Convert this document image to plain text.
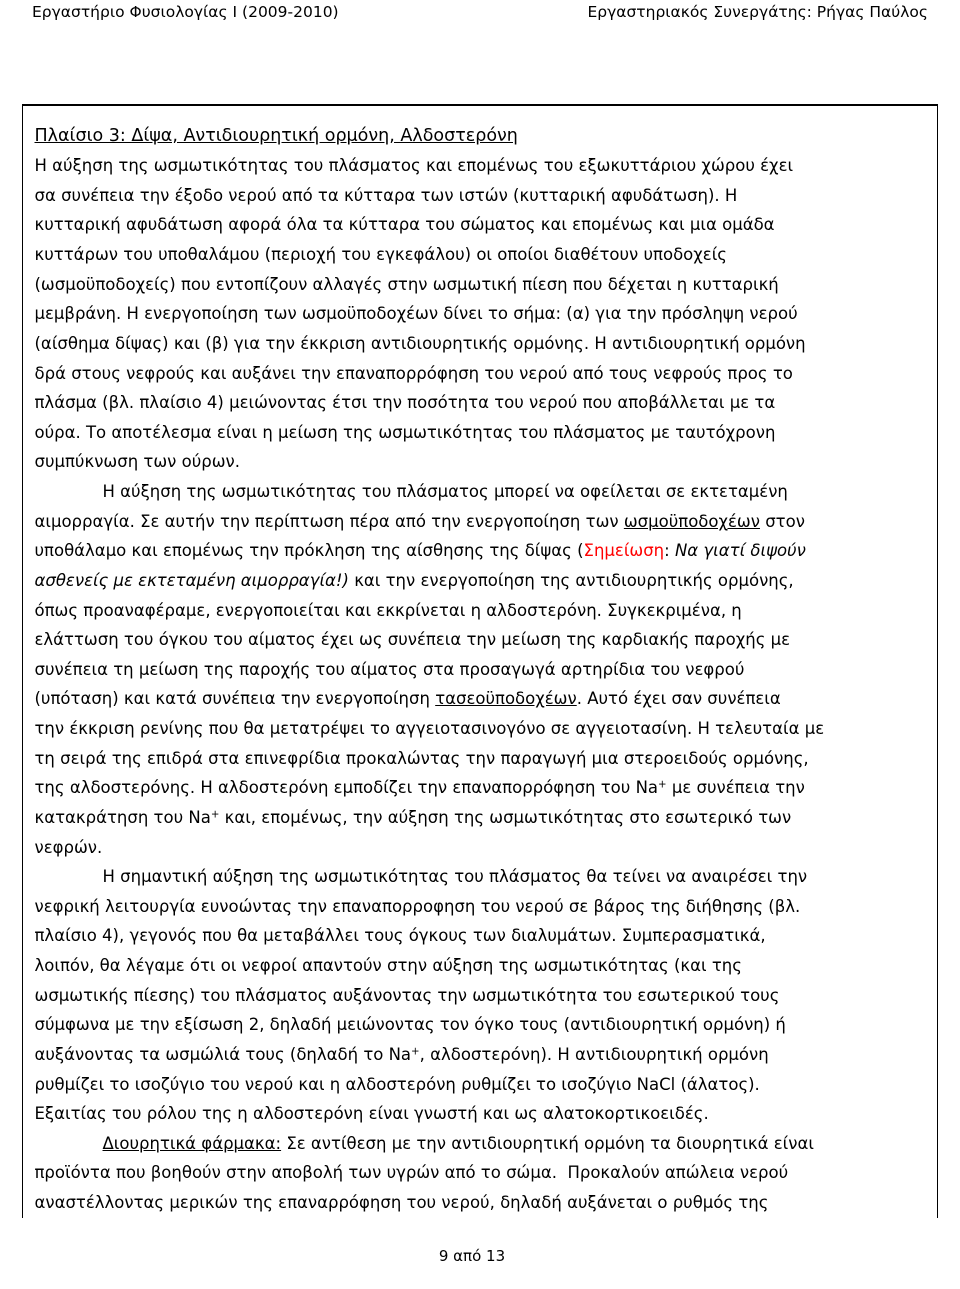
Εργαστήριο Φυσιολογίας Ι (2009-2010)	Εργαστηριακός Συνεργάτης: Ρήγας Παύλος
Πλαίσιο 3: Δίψα, Αντιδιουρητική ορμόνη, Αλδοστερόνη
Η αύξηση της ωσμωτικότητας του πλάσματος και επομένως του εξωκυττάριου χώρου έχει
σα συνέπεια την έξοδο νερού από τα κύτταρα των ιστών (κυτταρική αφυδάτωση). Η
κυτταρική αφυδάτωση αφορά όλα τα κύτταρα του σώματος και επομένως και μια ομάδα
κυττάρων του υποθαλάμου (περιοχή του εγκεφάλου) οι οποίοι διαθέτουν υποδοχείς
(ωσμοϋποδοχείς) που εντοπίζουν αλλαγές στην ωσμωτική πίεση που δέχεται η κυτταρική
μεμβράνη. Η ενεργοποίηση των ωσμοϋποδοχέων δίνει το σήμα: (α) για την πρόσληψη νερού
(αίσθημα δίψας) και (β) για την έκκριση αντιδιουρητικής ορμόνης. Η αντιδιουρητική ορμόνη
δρά στους νεφρούς και αυξάνει την επαναπορρόφηση του νερού από τους νεφρούς προς το
πλάσμα (βλ. πλαίσιο 4) μειώνοντας έτσι την ποσότητα του νερού που αποβάλλεται με τα
ούρα. Το αποτέλεσμα είναι η μείωση της ωσμωτικότητας του πλάσματος με ταυτόχρονη
συμπύκνωση των ούρων.
Η αύξηση της ωσμωτικότητας του πλάσματος μπορεί να οφείλεται σε εκτεταμένη
αιμορραγία. Σε αυτήν την περίπτωση πέρα από την ενεργοποίηση των ωσμοϋποδοχέων στον
υποθάλαμο και επομένως την πρόκληση της αίσθησης της δίψας (Σημείωση: Να γιατί διψούν
ασθενείς με εκτεταμένη αιμορραγία!) και την ενεργοποίηση της αντιδιουρητικής ορμόνης,
όπως προαναφέραμε, ενεργοποιείται και εκκρίνεται η αλδοστερόνη. Συγκεκριμένα, η
ελάττωση του όγκου του αίματος έχει ως συνέπεια την μείωση της καρδιακής παροχής με
συνέπεια τη μείωση της παροχής του αίματος στα προσαγωγά αρτηρίδια του νεφρού
(υπόταση) και κατά συνέπεια την ενεργοποίηση τασεοϋποδοχέων. Αυτό έχει σαν συνέπεια
την έκκριση ρενίνης που θα μετατρέψει το αγγειοτασινογόνο σε αγγειοτασίνη. Η τελευταία με
τη σειρά της επιδρά στα επινεφρίδια προκαλώντας την παραγωγή μια στεροειδούς ορμόνης,
της αλδοστερόνης. Η αλδοστερόνη εμποδίζει την επαναπορρόφηση του Na+ με συνέπεια την
κατακράτηση του Na+ και, επομένως, την αύξηση της ωσμωτικότητας στο εσωτερικό των
νεφρών.
Η σημαντική αύξηση της ωσμωτικότητας του πλάσματος θα τείνει να αναιρέσει την
νεφρική λειτουργία ευνοώντας την επαναπορροφηση του νερού σε βάρος της διήθησης (βλ.
πλαίσιο 4), γεγονός που θα μεταβάλλει τους όγκους των διαλυμάτων. Συμπερασματικά,
λοιπόν, θα λέγαμε ότι οι νεφροί απαντούν στην αύξηση της ωσμωτικότητας (και της
ωσμωτικής πίεσης) του πλάσματος αυξάνοντας την ωσμωτικότητα του εσωτερικού τους
σύμφωνα με την εξίσωση 2, δηλαδή μειώνοντας τον όγκο τους (αντιδιουρητική ορμόνη) ή
αυξάνοντας τα ωσμώλιά τους (δηλαδή το Na+, αλδοστερόνη). Η αντιδιουρητική ορμόνη
ρυθμίζει το ισοζύγιο του νερού και η αλδοστερόνη ρυθμίζει το ισοζύγιο NaCl (άλατος).
Εξαιτίας του ρόλου της η αλδοστερόνη είναι γνωστή και ως αλατοκορτικοειδές.
Διουρητικά φάρμακα: Σε αντίθεση με την αντιδιουρητική ορμόνη τα διουρητικά είναι
προϊόντα που βοηθούν στην αποβολή των υγρών από το σώμα.  Προκαλούν απώλεια νερού
αναστέλλοντας μερικών της επαναρρόφηση του νερού, δηλαδή αυξάνεται ο ρυθμός της
9 από 13
